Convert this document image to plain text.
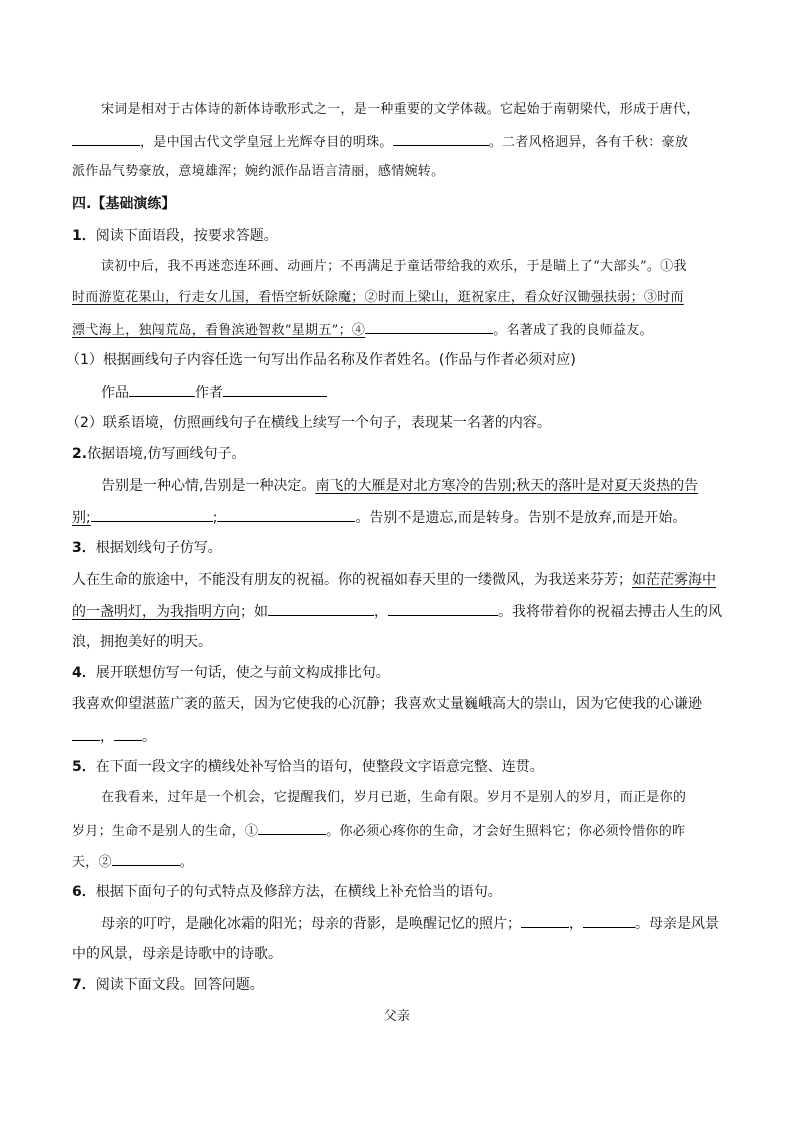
宋词是相对于古体诗的新体诗歌形式之一，是一种重要的文学体裁。它起始于南朝梁代，形成于唐代，
，是中国古代文学皇冠上光辉夺目的明珠。	。二者风格迥异，各有千秋：豪放
派作品气势豪放，意境雄浑；婉约派作品语言清丽，感情婉转。
四.【基础演练】
1．阅读下面语段，按要求答题。
读初中后，我不再迷恋连环画、动画片；不再满足于童话带给我的欢乐，于是瞄上了“大部头”。①我
时而游览花果山，行走女儿国，看悟空斩妖除魔；②时而上梁山，逛祝家庄，看众好汉锄强扶弱；③时而
漂弋海上，独闯荒岛，看鲁滨逊智救“星期五”；④	。名著成了我的良师益友。
（1）根据画线句子内容任选一句写出作品名称及作者姓名。(作品与作者必须对应)
作品	作者
（2）联系语境，仿照画线句子在横线上续写一个句子，表现某一名著的内容。
2.依据语境,仿写画线句子。
告别是一种心情,告别是一种决定。南飞的大雁是对北方寒冷的告别;秋天的落叶是对夏天炎热的告
别;	;	。告别不是遗忘,而是转身。告别不是放弃,而是开始。
3．根据划线句子仿写。
人在生命的旅途中，不能没有朋友的祝福。你的祝福如春天里的一缕微风，为我送来芬芳；如茫茫雾海中
的一盏明灯，为我指明方向；如	，	。我将带着你的祝福去搏击人生的风
浪，拥抱美好的明天。
4．展开联想仿写一句话，使之与前文构成排比句。
我喜欢仰望湛蓝广袤的蓝天，因为它使我的心沉静；我喜欢丈量巍峨高大的崇山，因为它使我的心谦逊
， 。
5．在下面一段文字的横线处补写恰当的语句，使整段文字语意完整、连贯。
在我看来，过年是一个机会，它提醒我们，岁月已逝，生命有限。岁月不是别人的岁月，而正是你的
岁月；生命不是别人的生命，①	。你必须心疼你的生命，才会好生照料它；你必须怜惜你的昨
天，②	。
6．根据下面句子的句式特点及修辞方法，在横线上补充恰当的语句。
母亲的叮咛，是融化冰霜的阳光；母亲的背影，是唤醒记忆的照片；	，	。母亲是风景
中的风景，母亲是诗歌中的诗歌。
7．阅读下面文段。回答问题。
父亲
